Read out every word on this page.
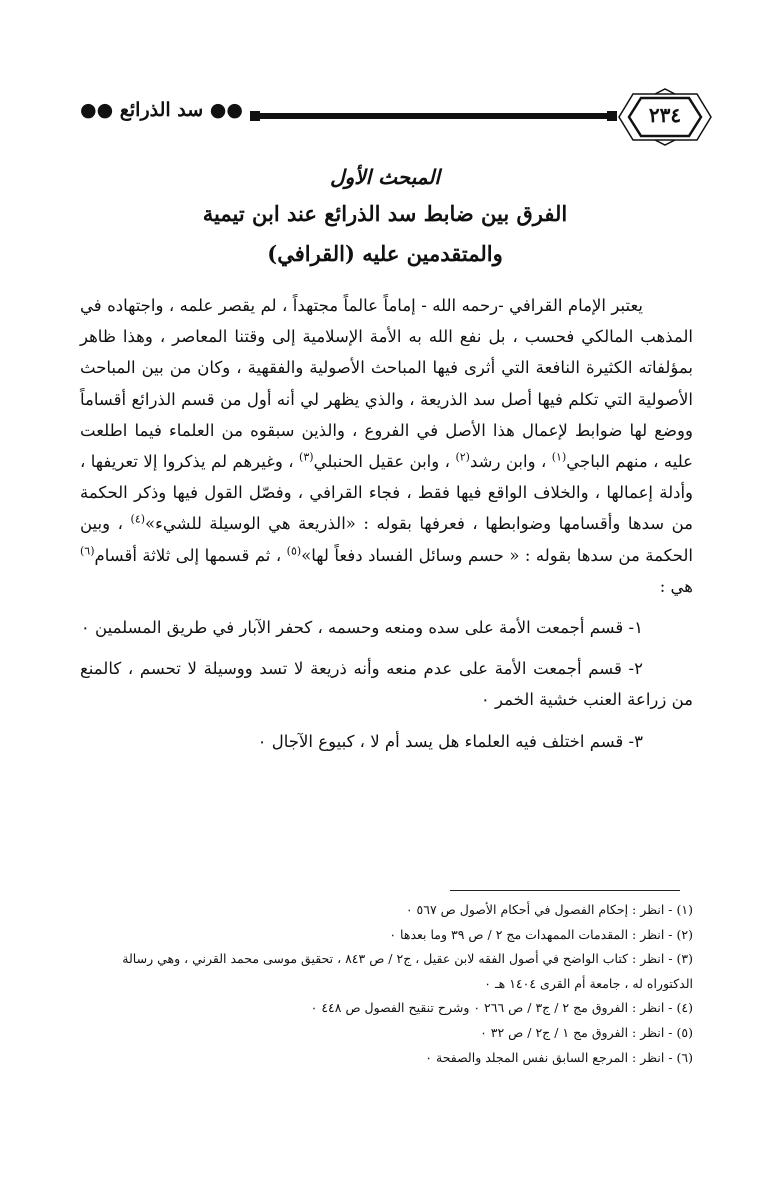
٢٣٤
●● سد الذرائع ●●
المبحث الأول
الفرق بين ضابط سد الذرائع عند ابن تيمية
والمتقدمين عليه (القرافي)

يعتبر الإمام القرافي -رحمه الله - إماماً عالماً مجتهداً ، لم يقصر علمه ، واجتهاده في المذهب المالكي فحسب ، بل نفع الله به الأمة الإسلامية إلى وقتنا المعاصر ، وهذا ظاهر بمؤلفاته الكثيرة النافعة التي أثرى فيها المباحث الأصولية والفقهية ، وكان من بين المباحث الأصولية التي تكلم فيها أصل سد الذريعة ، والذي يظهر لي أنه أول من قسم الذرائع أقساماً ووضع لها ضوابط لإعمال هذا الأصل في الفروع ، والذين سبقوه من العلماء فيما اطلعت عليه ، منهم الباجي$^{(١)}$ ، وابن رشد$^{(٢)}$ ، وابن عقيل الحنبلي$^{(٣)}$ ، وغيرهم لم يذكروا إلا تعريفها ، وأدلة إعمالها ، والخلاف الواقع فيها فقط ، فجاء القرافي ، وفصّل القول فيها وذكر الحكمة من سدها وأقسامها وضوابطها ، فعرفها بقوله : «الذريعة هي الوسيلة للشيء»$^{(٤)}$ ، وبين الحكمة من سدها بقوله : « حسم وسائل الفساد دفعاً لها»$^{(٥)}$ ، ثم قسمها إلى ثلاثة أقسام$^{(٦)}$ هي :

١- قسم أجمعت الأمة على سده ومنعه وحسمه ، كحفر الآبار في طريق المسلمين ٠

٢- قسم أجمعت الأمة على عدم منعه وأنه ذريعة لا تسد ووسيلة لا تحسم ، كالمنع من زراعة العنب خشية الخمر ٠

٣- قسم اختلف فيه العلماء هل يسد أم لا ، كبيوع الآجال ٠

(١) - انظر : إحكام الفصول في أحكام الأصول ص ٥٦٧ ٠

(٢) - انظر : المقدمات الممهدات مج ٢ / ص ٣٩ وما بعدها ٠

(٣) - انظر : كتاب الواضح في أصول الفقه لابن عقيل ، ج٢ / ص ٨٤٣ ، تحقيق موسى محمد القرني ، وهي رسالة الدكتوراه له ، جامعة أم القرى ١٤٠٤ هـ ٠

(٤) - انظر : الفروق مج ٢ / ج٣ / ص ٢٦٦ ٠ وشرح تنقيح الفصول ص ٤٤٨ ٠

(٥) - انظر : الفروق مج ١ / ج٢ / ص ٣٢ ٠

(٦) - انظر : المرجع السابق نفس المجلد والصفحة ٠
